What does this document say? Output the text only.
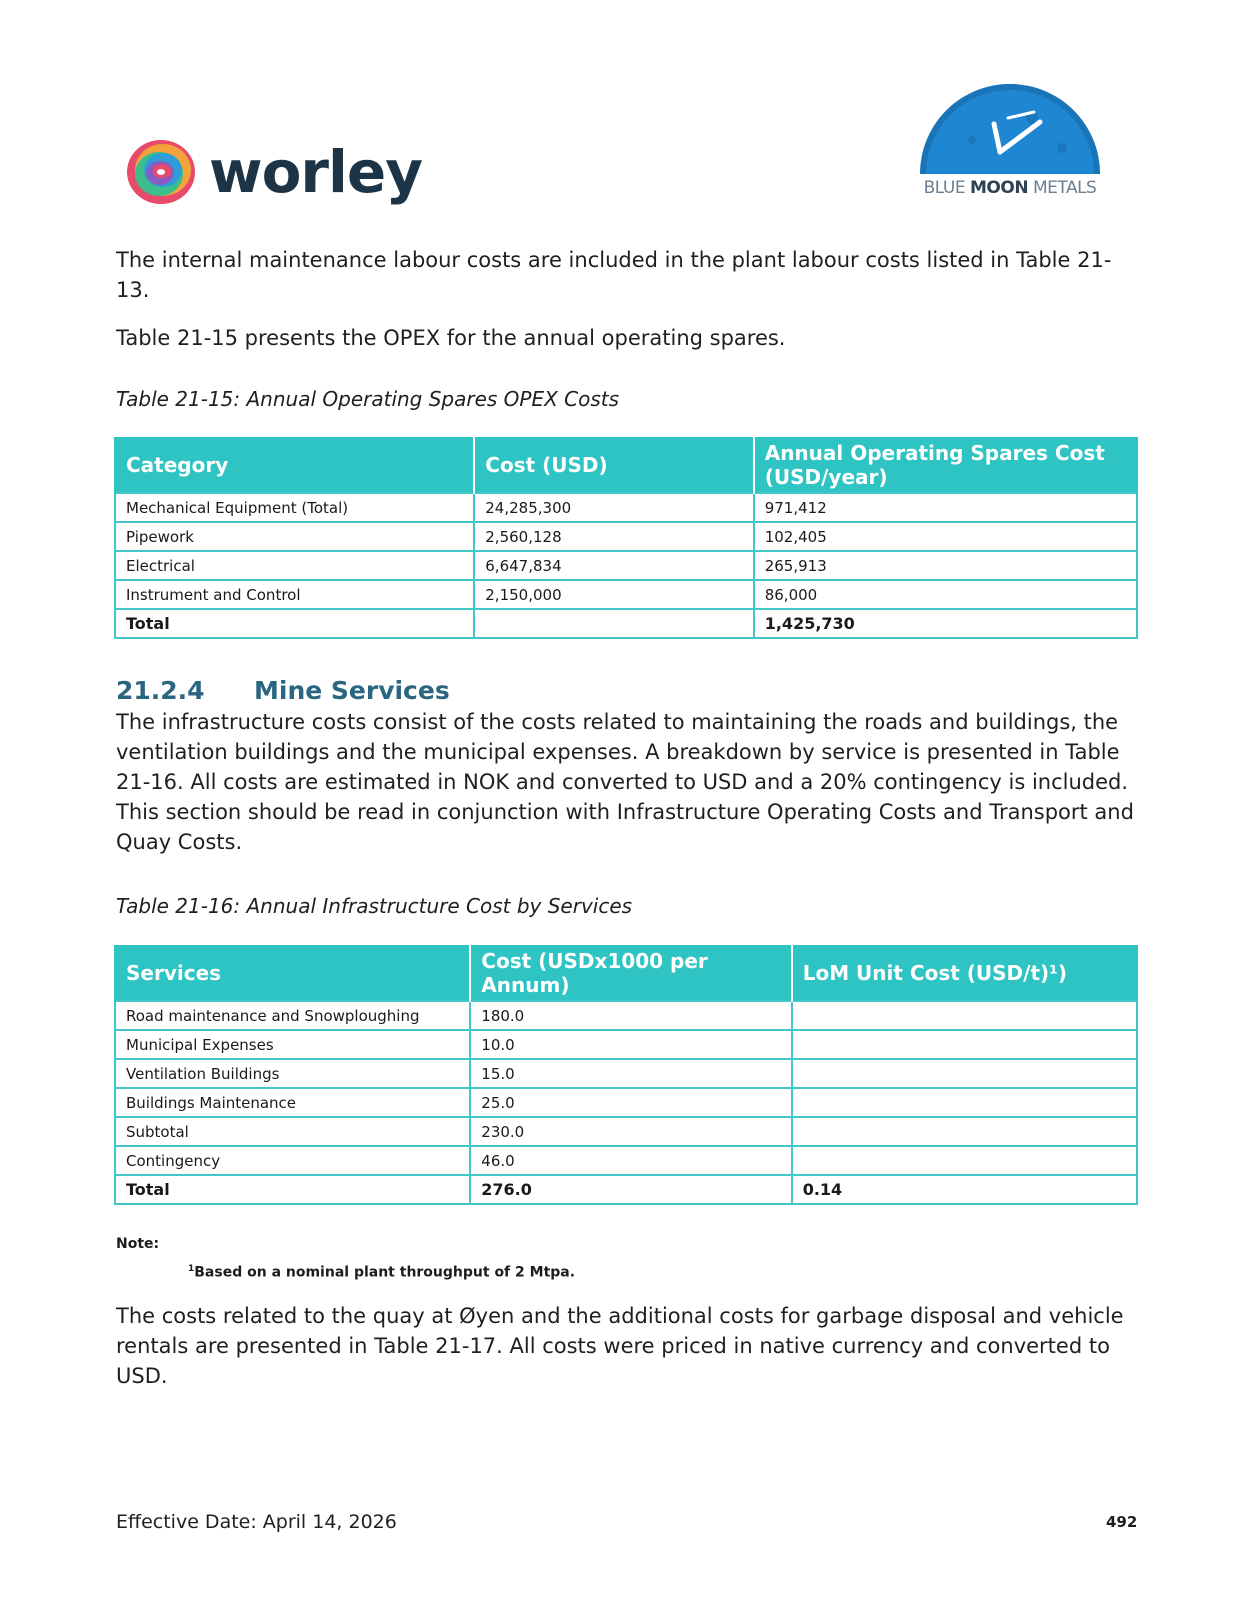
worley	BLUE MOON METALS

The internal maintenance labour costs are included in the plant labour costs listed in Table 21-13.

Table 21-15 presents the OPEX for the annual operating spares.

Table 21-15: Annual Operating Spares OPEX Costs

Category	Cost (USD)	Annual Operating Spares Cost (USD/year)
Mechanical Equipment (Total)	24,285,300	971,412
Pipework	2,560,128	102,405
Electrical	6,647,834	265,913
Instrument and Control	2,150,000	86,000
Total		1,425,730
21.2.4 Mine Services

The infrastructure costs consist of the costs related to maintaining the roads and buildings, the ventilation buildings and the municipal expenses. A breakdown by service is presented in Table 21-16. All costs are estimated in NOK and converted to USD and a 20% contingency is included. This section should be read in conjunction with Infrastructure Operating Costs and Transport and Quay Costs.

Table 21-16: Annual Infrastructure Cost by Services

Services	Cost (USDx1000 per Annum)	LoM Unit Cost (USD/t)¹)
Road maintenance and Snowploughing	180.0	
Municipal Expenses	10.0	
Ventilation Buildings	15.0	
Buildings Maintenance	25.0	
Subtotal	230.0	
Contingency	46.0	
Total	276.0	0.14

Note:

$^1$Based on a nominal plant throughput of 2 Mtpa.

The costs related to the quay at Øyen and the additional costs for garbage disposal and vehicle rentals are presented in Table 21-17. All costs were priced in native currency and converted to USD.

Effective Date: April 14, 2026	492
